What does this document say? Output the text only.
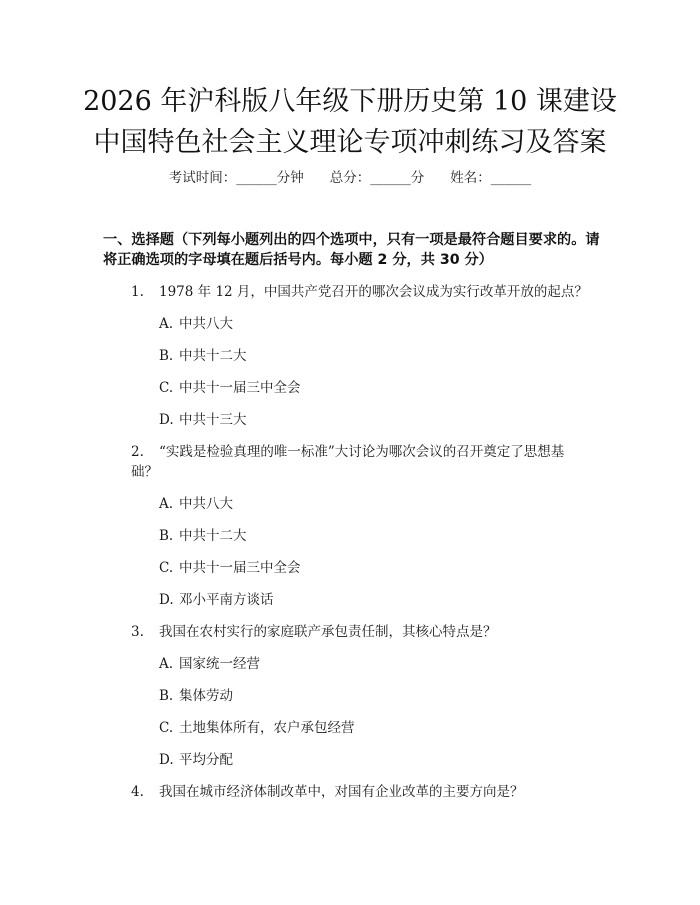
2026 年沪科版八年级下册历史第 10 课建设
中国特色社会主义理论专项冲刺练习及答案
考试时间：______分钟 总分：______分 姓名：______
一、选择题（下列每小题列出的四个选项中，只有一项是最符合题目要求的。请
将正确选项的字母填在题后括号内。每小题 2 分，共 30 分）
1.	1978 年 12 月，中国共产党召开的哪次会议成为实行改革开放的起点？
A. 中共八大
B. 中共十二大
C. 中共十一届三中全会
D. 中共十三大
2.	“实践是检验真理的唯一标准”大讨论为哪次会议的召开奠定了思想基
础？
A. 中共八大
B. 中共十二大
C. 中共十一届三中全会
D. 邓小平南方谈话
3.	我国在农村实行的家庭联产承包责任制，其核心特点是？
A. 国家统一经营
B. 集体劳动
C. 土地集体所有，农户承包经营
D. 平均分配
4.	我国在城市经济体制改革中，对国有企业改革的主要方向是？
